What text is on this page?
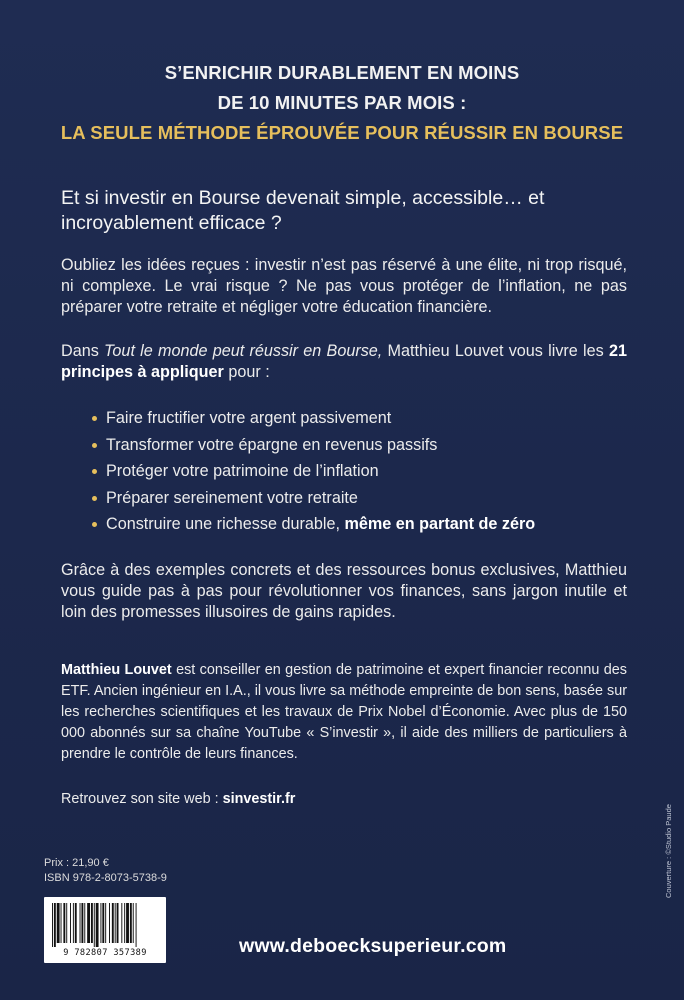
S’ENRICHIR DURABLEMENT EN MOINS
DE 10 MINUTES PAR MOIS :
LA SEULE MÉTHODE ÉPROUVÉE POUR RÉUSSIR EN BOURSE
Et si investir en Bourse devenait simple, accessible… et incroyablement efficace ?
Oubliez les idées reçues : investir n’est pas réservé à une élite, ni trop risqué, ni complexe. Le vrai risque ? Ne pas vous protéger de l’inflation, ne pas préparer votre retraite et négliger votre éducation financière.
Dans Tout le monde peut réussir en Bourse, Matthieu Louvet vous livre les 21 principes à appliquer pour :
Faire fructifier votre argent passivement
Transformer votre épargne en revenus passifs
Protéger votre patrimoine de l’inflation
Préparer sereinement votre retraite
Construire une richesse durable, même en partant de zéro
Grâce à des exemples concrets et des ressources bonus exclusives, Matthieu vous guide pas à pas pour révolutionner vos finances, sans jargon inutile et loin des promesses illusoires de gains rapides.
Matthieu Louvet est conseiller en gestion de patrimoine et expert financier reconnu des ETF. Ancien ingénieur en I.A., il vous livre sa méthode empreinte de bon sens, basée sur les recherches scientifiques et les travaux de Prix Nobel d’Économie. Avec plus de 150 000 abonnés sur sa chaîne YouTube « S’investir », il aide des milliers de particuliers à prendre le contrôle de leurs finances.
Retrouvez son site web : sinvestir.fr
Prix : 21,90 €
ISBN 978-2-8073-5738-9
9 782807 357389	www.deboecksuperieur.com
Couverture : ©Studio Paude
